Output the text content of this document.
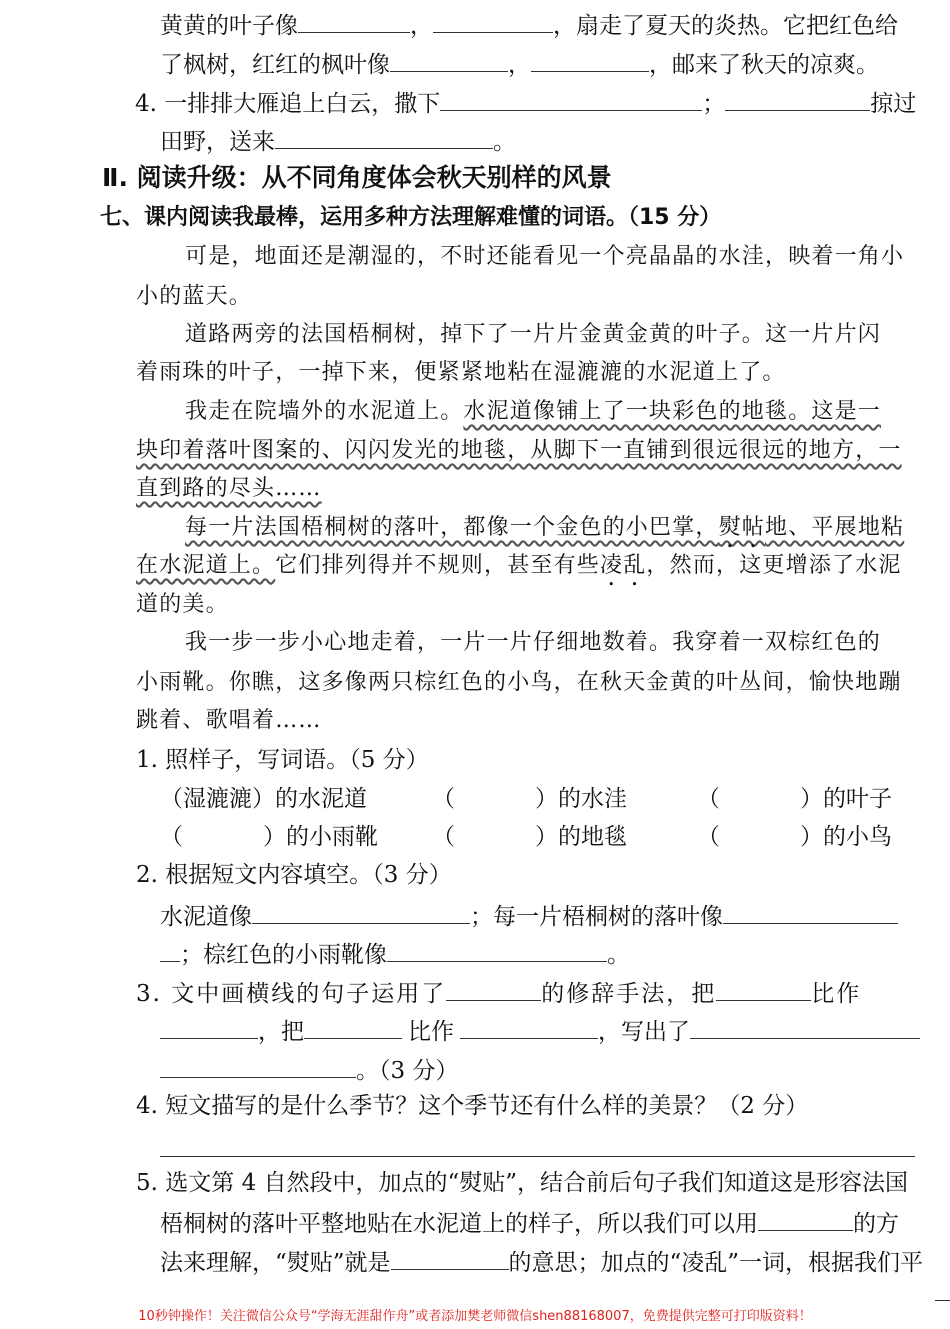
黄黄的叶子像	，	，扇走了夏天的炎热。它把红色给
了枫树，红红的枫叶像	，	，邮来了秋天的凉爽。
4. 一排排大雁追上白云，撒下	；	掠过
田野，送来	。
Ⅱ. 阅读升级：从不同角度体会秋天别样的风景
七、课内阅读我最棒，运用多种方法理解难懂的词语。（15 分）
可是，地面还是潮湿的，不时还能看见一个亮晶晶的水洼，映着一角小
小的蓝天。
道路两旁的法国梧桐树，掉下了一片片金黄金黄的叶子。这一片片闪
着雨珠的叶子，一掉下来，便紧紧地粘在湿漉漉的水泥道上了。
我走在院墙外的水泥道上。水泥道像铺上了一块彩色的地毯。这是一
块印着落叶图案的、闪闪发光的地毯，从脚下一直铺到很远很远的地方，一
直到路的尽头……
每一片法国梧桐树的落叶，都像一个金色的小巴掌，熨帖地、平展地粘
在水泥道上。它们排列得并不规则，甚至有些凌乱，然而，这更增添了水泥
道的美。
我一步一步小心地走着，一片一片仔细地数着。我穿着一双棕红色的
小雨靴。你瞧，这多像两只棕红色的小鸟，在秋天金黄的叶丛间，愉快地蹦
跳着、歌唱着……
1. 照样子，写词语。（5 分）
（湿漉漉）的水泥道	（	）的水洼	（	）的叶子
（	）的小雨靴 （	）的地毯	（	）的小鸟
2. 根据短文内容填空。（3 分）
水泥道像	；每一片梧桐树的落叶像
；棕红色的小雨靴像	。
3. 文中画横线的句子运用了	的修辞手法，把	比作
，把	比作	，写出了
。（3 分）
4. 短文描写的是什么季节？这个季节还有什么样的美景？（2 分）
5. 选文第 4 自然段中，加点的“熨贴”，结合前后句子我们知道这是形容法国
梧桐树的落叶平整地贴在水泥道上的样子，所以我们可以用	的方
法来理解，“熨贴”就是	的意思；加点的“凌乱”一词，根据我们平
10秒钟操作！关注微信公众号“学海无涯甜作舟”或者添加樊老师微信shen88168007，免费提供完整可打印版资料！
